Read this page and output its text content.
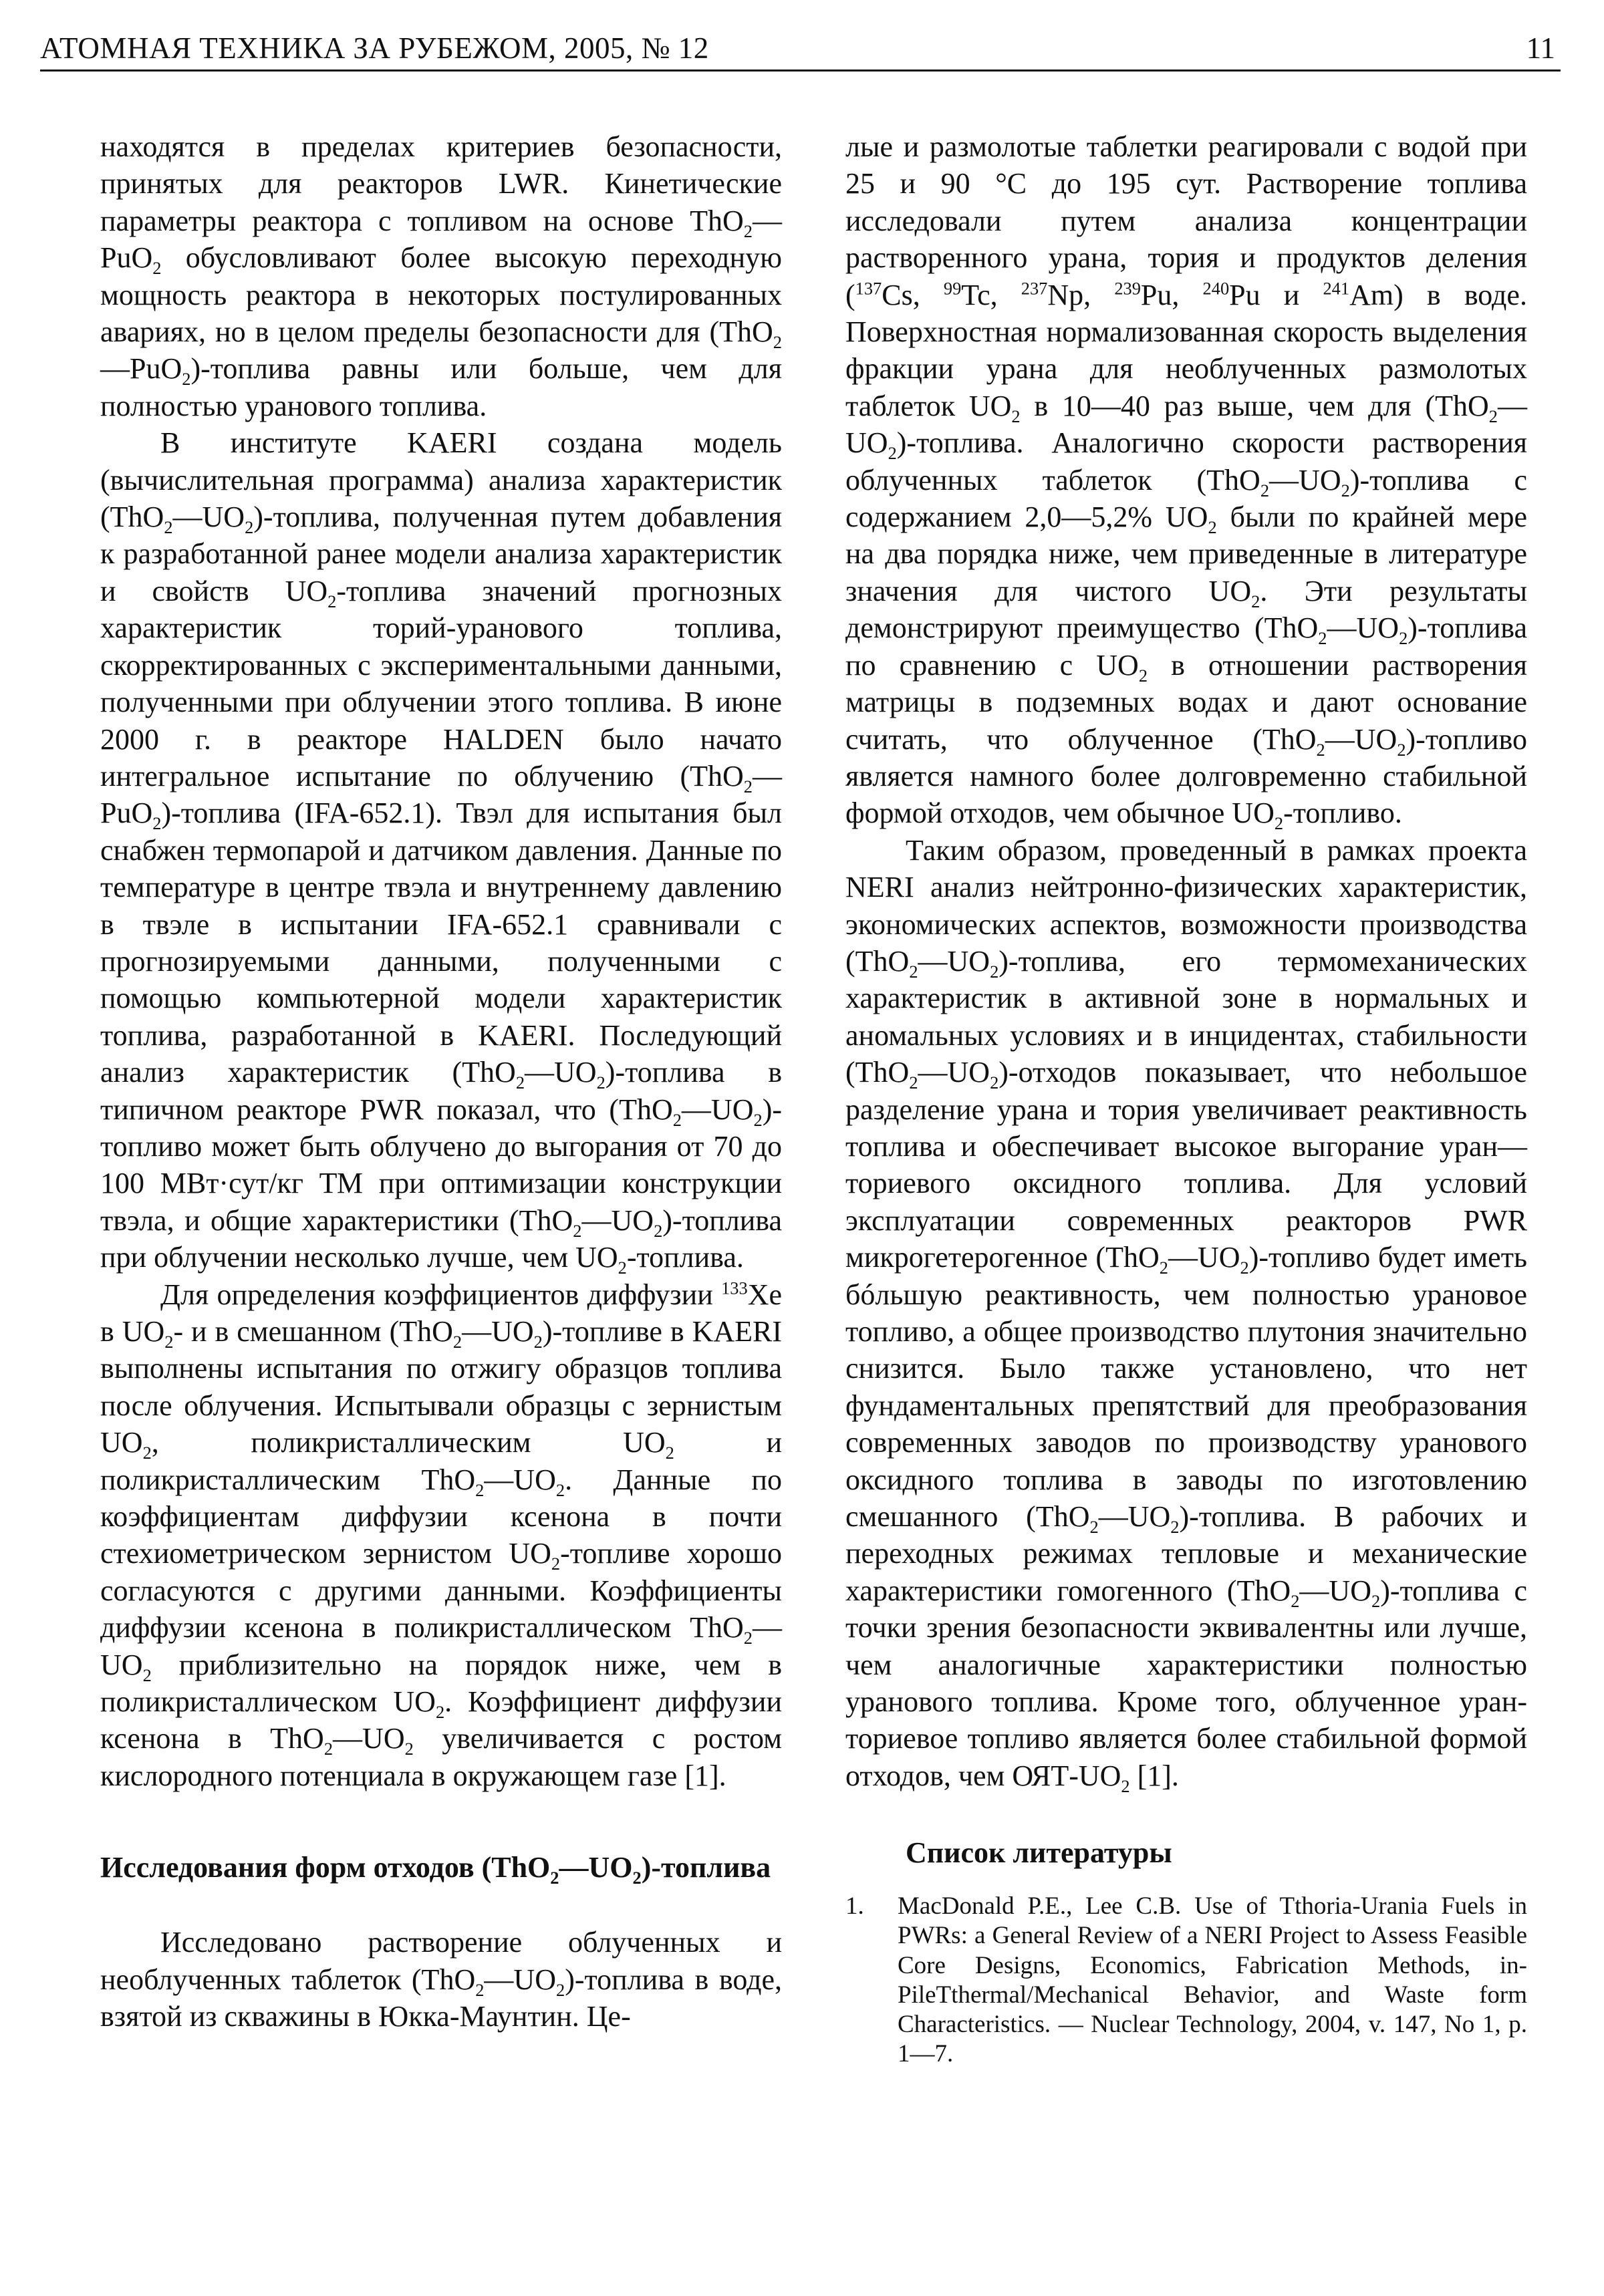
АТОМНАЯ ТЕХНИКА ЗА РУБЕЖОМ, 2005, № 12	11

находятся в пределах критериев безопасности, принятых для реакторов LWR. Кинетические параметры реактора с топливом на основе ThO$_2$—PuO$_2$ обусловливают более высокую переходную мощность реактора в некоторых постулированных авариях, но в целом пределы безопасности для (ThO$_2$—PuO$_2$)-топлива равны или больше, чем для полностью уранового топлива.

В институте KAERI создана модель (вычислительная программа) анализа характеристик $(ThO_2—UO_2)$-топлива, полученная путем добавления к разработанной ранее модели анализа характеристик и свойств $UO_2$-топлива значений прогнозных характеристик торий-уранового топлива, скорректированных с экспериментальными данными, полученными при облучении этого топлива. В июне 2000 г. в реакторе HALDEN было начато интегральное испытание по облучению (ThO$_2$—PuO$_2$)-топлива (IFA-652.1). Твэл для испытания был снабжен термопарой и датчиком давления. Данные по температуре в центре твэла и внутреннему давлению в твэле в испытании IFA-652.1 сравнивали с прогнозируемыми данными, полученными с помощью компьютерной модели характеристик топлива, разработанной в KAERI. Последующий анализ характеристик $(ThO_2—UO_2)$-топлива в типичном реакторе PWR показал, что $(ThO_2—UO_2)$-топливо может быть облучено до выгорания от 70 до 100 МВт·сут/кг ТМ при оптимизации конструкции твэла, и общие характеристики $(ThO_2—UO_2)$-топлива при облучении несколько лучше, чем $UO_2$-топлива.

Для определения коэффициентов диффузии $^{133}$Xe в $UO_2-$ и в смешанном $(ThO_2—UO_2)$-топливе в KAERI выполнены испытания по отжигу образцов топлива после облучения. Испытывали образцы с зернистым $UO_2$, поликристаллическим $UO_2$ и поликристаллическим $ThO_2—UO_2$. Данные по коэффициентам диффузии ксенона в почти стехиометрическом зернистом $UO_2$-топливе хорошо согласуются с другими данными. Коэффициенты диффузии ксенона в поликристаллическом $ThO_2—UO_2$ приблизительно на порядок ниже, чем в поликристаллическом $UO_2$. Коэффициент диффузии ксенона в $ThO_2—UO_2$ увеличивается с ростом кислородного потенциала в окружающем газе [1].

Исследования форм отходов $(ThO_2—UO_2)$-топлива

Исследовано растворение облученных и необлученных таблеток $(ThO_2—UO_2)$-топлива в воде, взятой из скважины в Юкка-Маунтин. Це-

лые и размолотые таблетки реагировали с водой при 25 и 90 °C до 195 сут. Растворение топлива исследовали путем анализа концентрации растворенного урана, тория и продуктов деления ($^{137}$Cs, $^{99}$Tc, $^{237}$Np, $^{239}$Pu, $^{240}$Pu и $^{241}$Am) в воде. Поверхностная нормализованная скорость выделения фракции урана для необлученных размолотых таблеток $UO_2$ в 10—40 раз выше, чем для $(ThO_2—UO_2)$-топлива. Аналогично скорости растворения облученных таблеток $(ThO_2—UO_2)$-топлива с содержанием 2,0—5,2% $UO_2$ были по крайней мере на два порядка ниже, чем приведенные в литературе значения для чистого $UO_2$. Эти результаты демонстрируют преимущество $(ThO_2—UO_2)$-топлива по сравнению с $UO_2$ в отношении растворения матрицы в подземных водах и дают основание считать, что облученное $(ThO_2—UO_2)$-топливо является намного более долговременно стабильной формой отходов, чем обычное $UO_2$-топливо.

Таким образом, проведенный в рамках проекта NERI анализ нейтронно-физических характеристик, экономических аспектов, возможности производства $(ThO_2—UO_2)$-топлива, его термомеханических характеристик в активной зоне в нормальных и аномальных условиях и в инцидентах, стабильности $(ThO_2—UO_2)$-отходов показывает, что небольшое разделение урана и тория увеличивает реактивность топлива и обеспечивает высокое выгорание уран—ториевого оксидного топлива. Для условий эксплуатации современных реакторов PWR микрогетерогенное $(ThO_2—UO_2)$-топливо будет иметь бóльшую реактивность, чем полностью урановое топливо, а общее производство плутония значительно снизится. Было также установлено, что нет фундаментальных препятствий для преобразования современных заводов по производству уранового оксидного топлива в заводы по изготовлению смешанного $(ThO_2—UO_2)$-топлива. В рабочих и переходных режимах тепловые и механические характеристики гомогенного $(ThO_2—UO_2)$-топлива с точки зрения безопасности эквивалентны или лучше, чем аналогичные характеристики полностью уранового топлива. Кроме того, облученное уран-ториевое топливо является более стабильной формой отходов, чем ОЯТ-$UO_2$ [1].

Список литературы
1. MacDonald P.E., Lee C.B. Use of Tthoria-Urania Fuels in PWRs: a General Review of a NERI Project to Assess Feasible Core Designs, Economics, Fabrication Methods, in-PileTthermal/Mechanical Behavior, and Waste form Characteristics. — Nuclear Technology, 2004, v. 147, No 1, p. 1—7.
